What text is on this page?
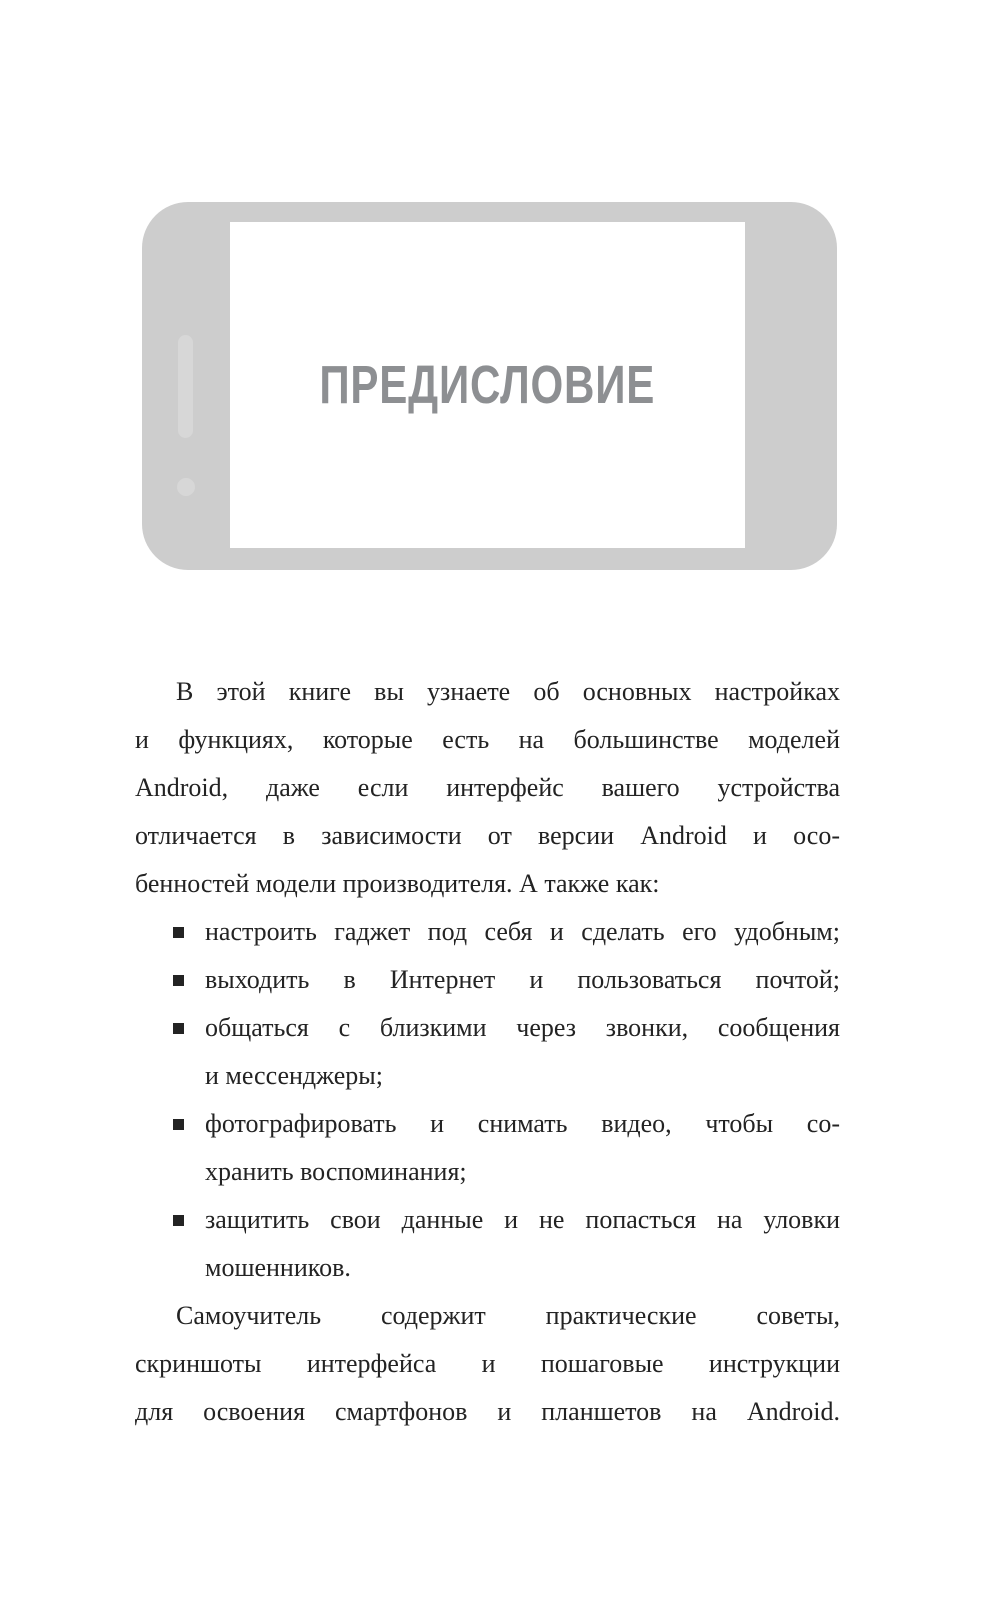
ПРЕДИСЛОВИЕ
В этой книге вы узнаете об основных настройках
и функциях, которые есть на большинстве моделей
Android, даже если интерфейс вашего устройства
отличается в зависимости от версии Android и осо-
бенностей модели производителя. А также как:
настроить гаджет под себя и сделать его удобным;
выходить в Интернет и пользоваться почтой;
общаться с близкими через звонки, сообщения
и мессенджеры;
фотографировать и снимать видео, чтобы со-
хранить воспоминания;
защитить свои данные и не попасться на уловки
мошенников.
Самоучитель содержит практические советы,
скриншоты интерфейса и пошаговые инструкции
для освоения смартфонов и планшетов на Android.
